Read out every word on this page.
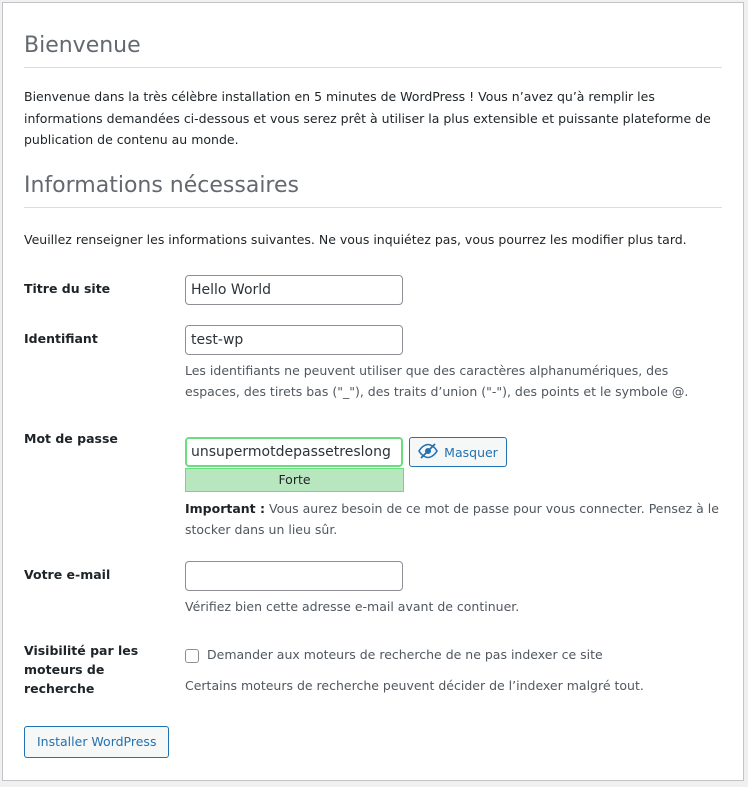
Bienvenue

Bienvenue dans la très célèbre installation en 5 minutes de WordPress ! Vous n’avez qu’à remplir les informations demandées ci-dessous et vous serez prêt à utiliser la plus extensible et puissante plateforme de publication de contenu au monde.

Informations nécessaires

Veuillez renseigner les informations suivantes. Ne vous inquiétez pas, vous pourrez les modifier plus tard.

Titre du site
Hello World
Identifiant
test-wp
Les identifiants ne peuvent utiliser que des caractères alphanumériques, des espaces, des tirets bas ("_"), des traits d’union ("-"), des points et le symbole @.
Mot de passe
unsupermotdepassetreslong
Masquer
Forte
Important : Vous aurez besoin de ce mot de passe pour vous connecter. Pensez à le stocker dans un lieu sûr.
Votre e-mail
Vérifiez bien cette adresse e-mail avant de continuer.
Visibilité par les moteurs de recherche
Demander aux moteurs de recherche de ne pas indexer ce site
Certains moteurs de recherche peuvent décider de l’indexer malgré tout.
Installer WordPress
